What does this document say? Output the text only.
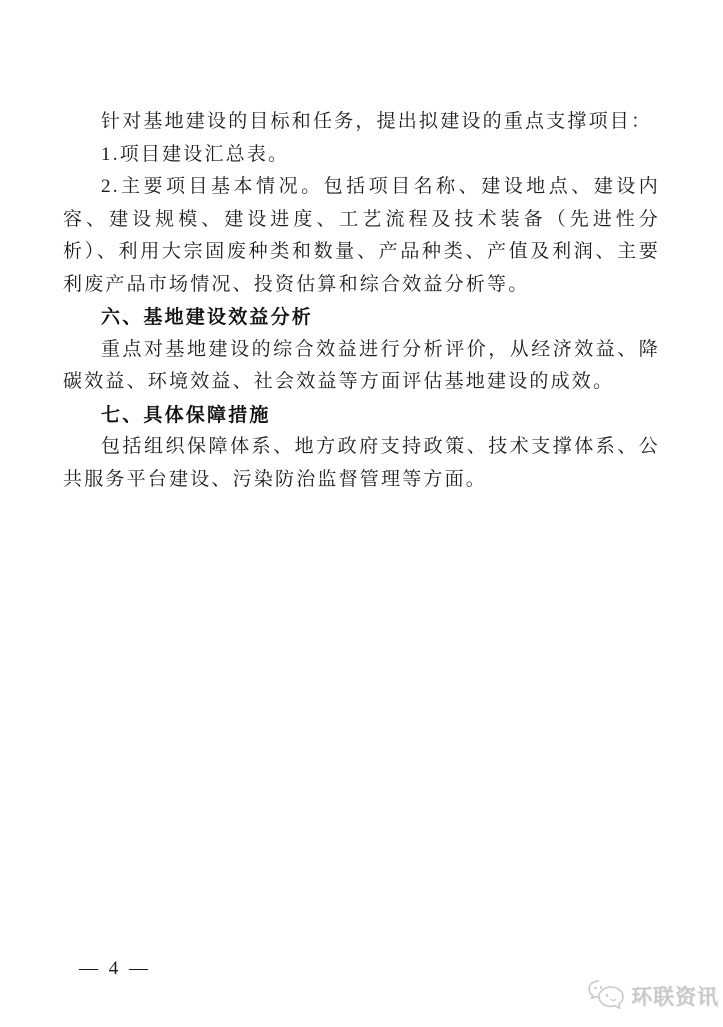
针对基地建设的目标和任务，提出拟建设的重点支撑项目：

1.项目建设汇总表。

2.主要项目基本情况。包括项目名称、建设地点、建设内容、建设规模、建设进度、工艺流程及技术装备（先进性分析）、利用大宗固废种类和数量、产品种类、产值及利润、主要利废产品市场情况、投资估算和综合效益分析等。

六、基地建设效益分析

重点对基地建设的综合效益进行分析评价，从经济效益、降碳效益、环境效益、社会效益等方面评估基地建设的成效。

七、具体保障措施

包括组织保障体系、地方政府支持政策、技术支撑体系、公共服务平台建设、污染防治监督管理等方面。

— 4 —
环联资讯
